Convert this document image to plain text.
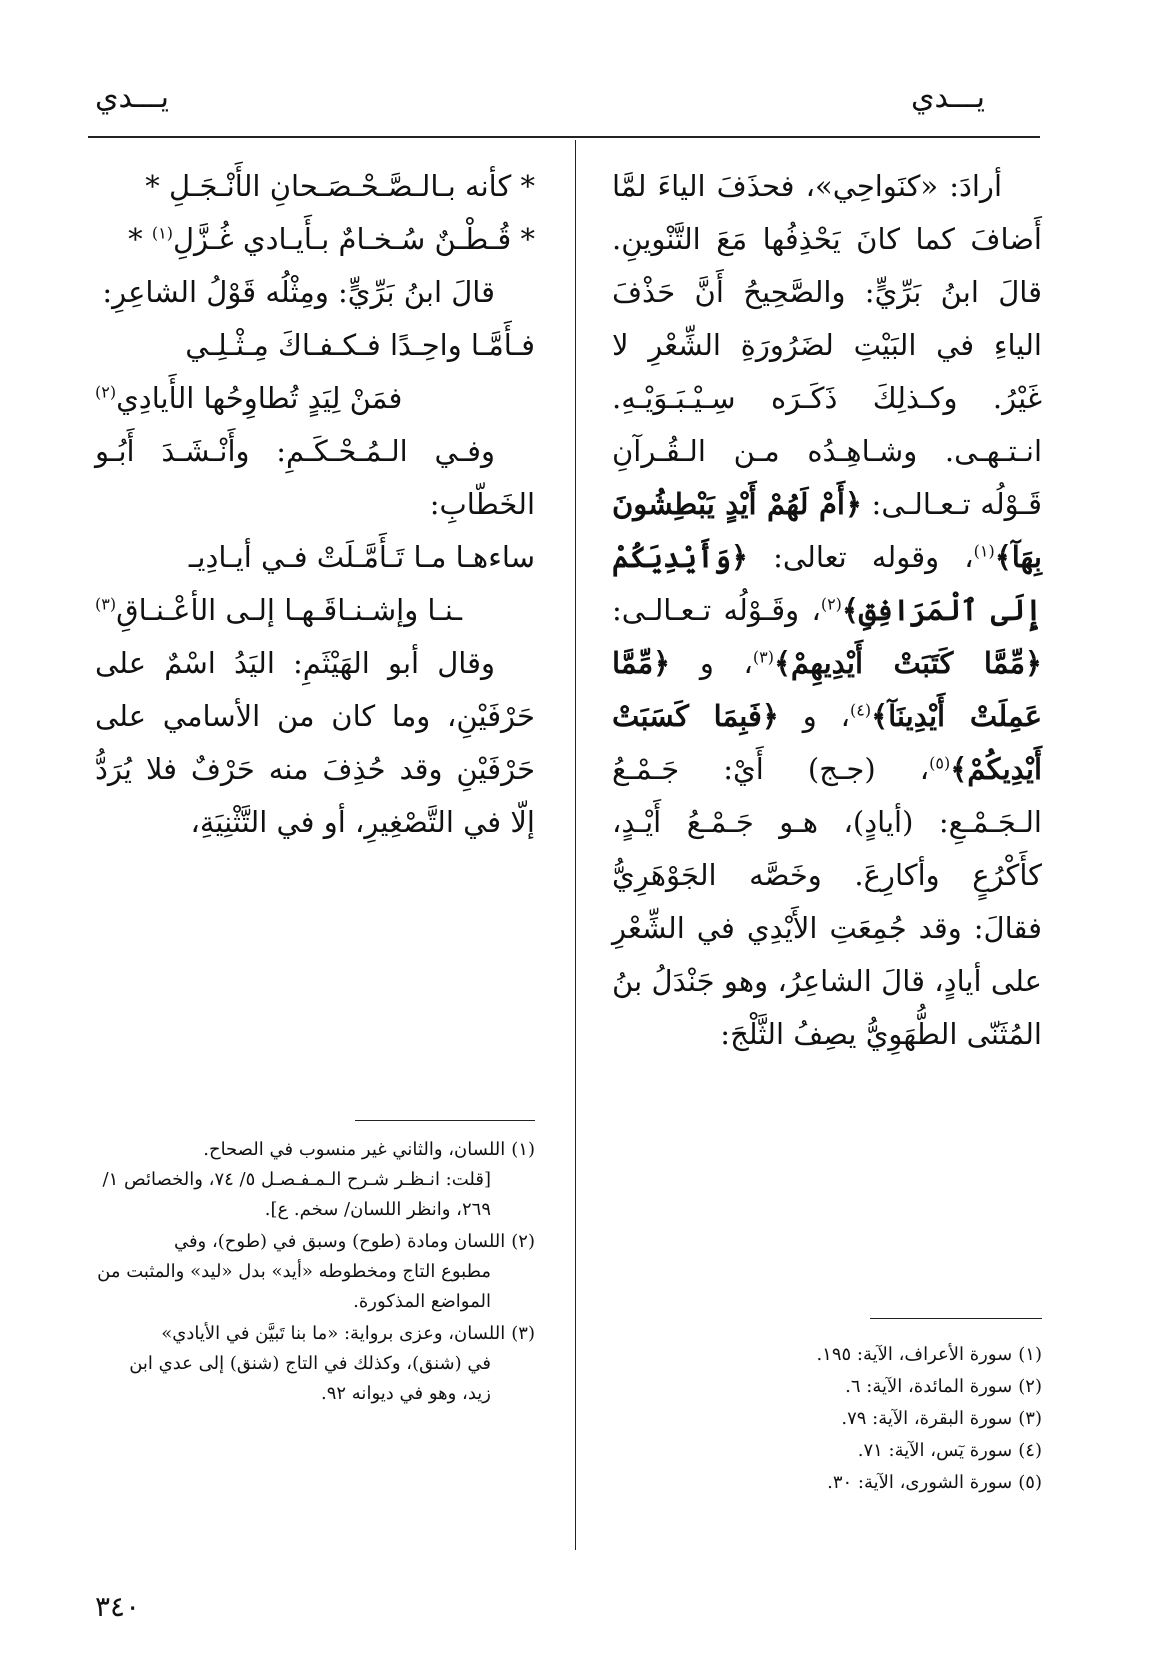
يـــدي
يـــدي

أرادَ: «كنَواحِي»، فحذَفَ الياءَ لمَّا أَضافَ كما كانَ يَحْذِفُها مَعَ التَّنْوينِ. قالَ ابنُ بَرِّيٍّ: والصَّحِيحُ أَنَّ حَذْفَ الياءِ في البَيْتِ لضَرُورَةِ الشِّعْرِ لا غَيْرُ. وكـذلِكَ ذَكَـرَه سِـيْـبَـوَيْـهِ. انـتـهـى. وشـاهِـدُه مـن الـقُـرآنِ قَـوْلُه تـعـالـى: ﴿أَمْ لَهُمْ أَيْدٍ يَبْطِشُونَ بِهَآ﴾$^{(١)}$، وقوله تعالى: ﴿وَأَيْدِيَكُمْ إِلَى ٱلْمَرَافِقِ﴾$^{(٢)}$، وقَـوْلُه تـعـالـى: ﴿مِّمَّا كَتَبَتْ أَيْدِيهِمْ﴾$^{(٣)}$، و ﴿مِّمَّا عَمِلَتْ أَيْدِينَآ﴾$^{(٤)}$، و ﴿فَبِمَا كَسَبَتْ أَيْدِيكُمْ﴾$^{(٥)}$، (جـج) أَيْ: جَـمْـعُ الـجَـمْـعِ: (أيادٍ)، هـو جَـمْـعُ أَيْـدٍ، كأَكْرُعٍ وأكارِعَ. وخَصَّه الجَوْهَرِيُّ فقالَ: وقد جُمِعَتِ الأَيْدِي في الشِّعْرِ على أيادٍ، قالَ الشاعِرُ، وهو جَنْدَلُ بنُ المُثَنّى الطُّهَوِيُّ يصِفُ الثَّلْجَ:

* كأنه بـالـصَّـحْـصَـحانِ الأَنْـجَـلِ *

* قُـطْـنٌ سُـخـامٌ بـأَيـادي غُـزَّلِ$^{(١)}$ *

قالَ ابنُ بَرِّيٍّ: ومِثْلُه قَوْلُ الشاعِرِ:

فـأَمَّـا واحِـدًا فـكـفـاكَ مِـثْـلِـي

فمَنْ لِيَدٍ تُطاوِحُها الأَيادِي$^{(٢)}$

وفـي الـمُـحْـكَـمِ: وأَنْـشَـدَ أَبُـو الخَطّابِ:

ساءهـا مـا تَـأَمَّـلَتْ فـي أيـادِيـ

ـنـا وإشـنـاقَـهـا إلـى الأعْـنـاقِ$^{(٣)}$

وقال أبو الهَيْثَمِ: اليَدُ اسْمٌ على حَرْفَيْنِ، وما كان من الأسامي على حَرْفَيْنِ وقد حُذِفَ منه حَرْفٌ فلا يُرَدُّ إلّا في التَّصْغِيرِ، أو في التَّثْنِيَةِ،

(١)سورة الأعراف، الآية: ١٩٥.

(٢)سورة المائدة، الآية: ٦.

(٣)سورة البقرة، الآية: ٧٩.

(٤)سورة يٓس، الآية: ٧١.

(٥)سورة الشورى، الآية: ٣٠.

(١)اللسان، والثاني غير منسوب في الصحاح.
[قلت: انـظـر شـرح الـمـفـصـل ٥/ ٧٤، والخصائص ١/ ٢٦٩، وانظر اللسان/ سخم. ع].

(٢)اللسان ومادة (طوح) وسبق في (طوح)، وفي
مطبوع التاج ومخطوطه «أيد» بدل «ليد» والمثبت من المواضع المذكورة.

(٣)اللسان، وعزى برواية: «ما بنا تَبيَّن في الأيادي»
في (شنق)، وكذلك في التاج (شنق) إلى عدي ابن زيد، وهو في ديوانه ٩٢.

٣٤٠
